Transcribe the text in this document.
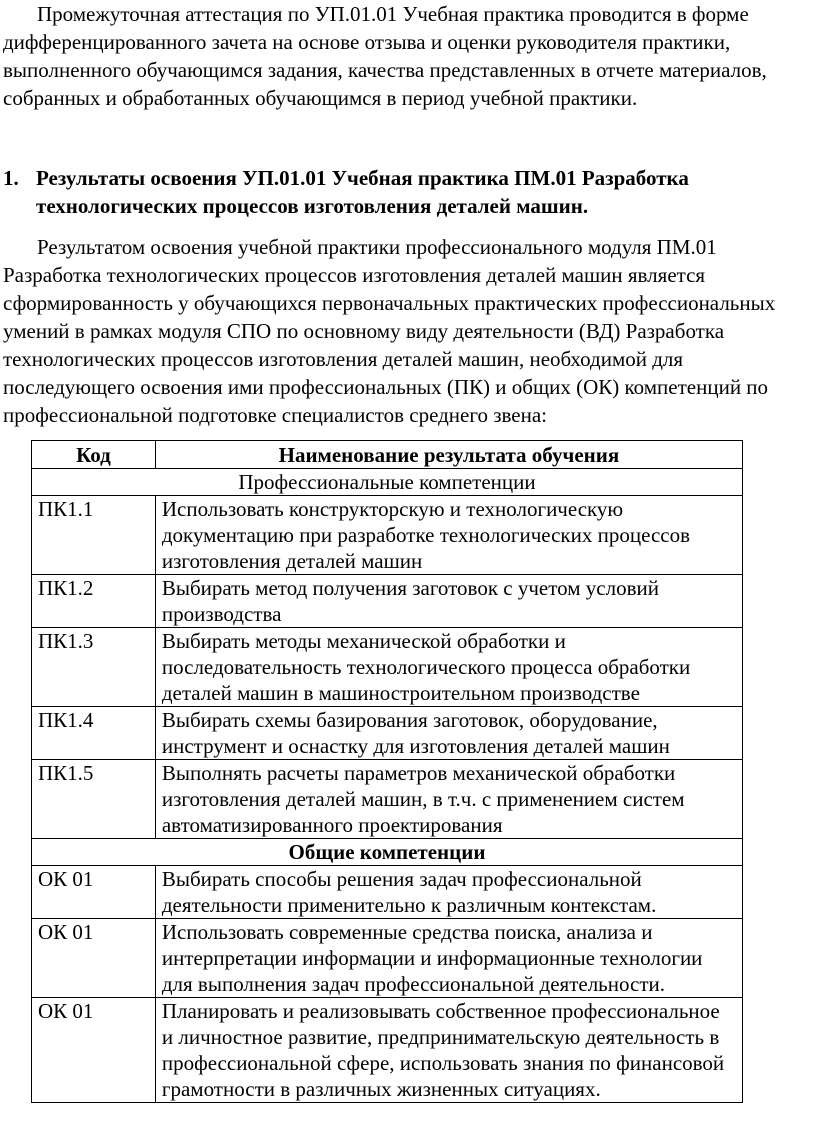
Промежуточная аттестация по УП.01.01 Учебная практика проводится в форме дифференцированного зачета на основе отзыва и оценки руководителя практики, выполненного обучающимся задания, качества представленных в отчете материалов, собранных и обработанных обучающимся в период учебной практики.

1. Результаты освоения УП.01.01 Учебная практика ПМ.01 Разработка технологических процессов изготовления деталей машин.

Результатом освоения учебной практики профессионального модуля ПМ.01 Разработка технологических процессов изготовления деталей машин является сформированность у обучающихся первоначальных практических профессиональных умений в рамках модуля СПО по основному виду деятельности (ВД) Разработка технологических процессов изготовления деталей машин, необходимой для последующего освоения ими профессиональных (ПК) и общих (ОК) компетенций по профессиональной подготовке специалистов среднего звена:

Код	Наименование результата обучения
Профессиональные компетенции	
ПК1.1	Использовать конструкторскую и технологическую документацию при разработке технологических процессов изготовления деталей машин
ПК1.2	Выбирать метод получения заготовок с учетом условий производства
ПК1.3	Выбирать методы механической обработки и последовательность технологического процесса обработки деталей машин в машиностроительном производстве
ПК1.4	Выбирать схемы базирования заготовок, оборудование, инструмент и оснастку для изготовления деталей машин
ПК1.5	Выполнять расчеты параметров механической обработки изготовления деталей машин, в т.ч. с применением систем автоматизированного проектирования
Общие компетенции	
ОК 01	Выбирать способы решения задач профессиональной деятельности применительно к различным контекстам.
ОК 01	Использовать современные средства поиска, анализа и интерпретации информации и информационные технологии для выполнения задач профессиональной деятельности.
ОК 01	Планировать и реализовывать собственное профессиональное и личностное развитие, предпринимательскую деятельность в профессиональной сфере, использовать знания по финансовой грамотности в различных жизненных ситуациях.
